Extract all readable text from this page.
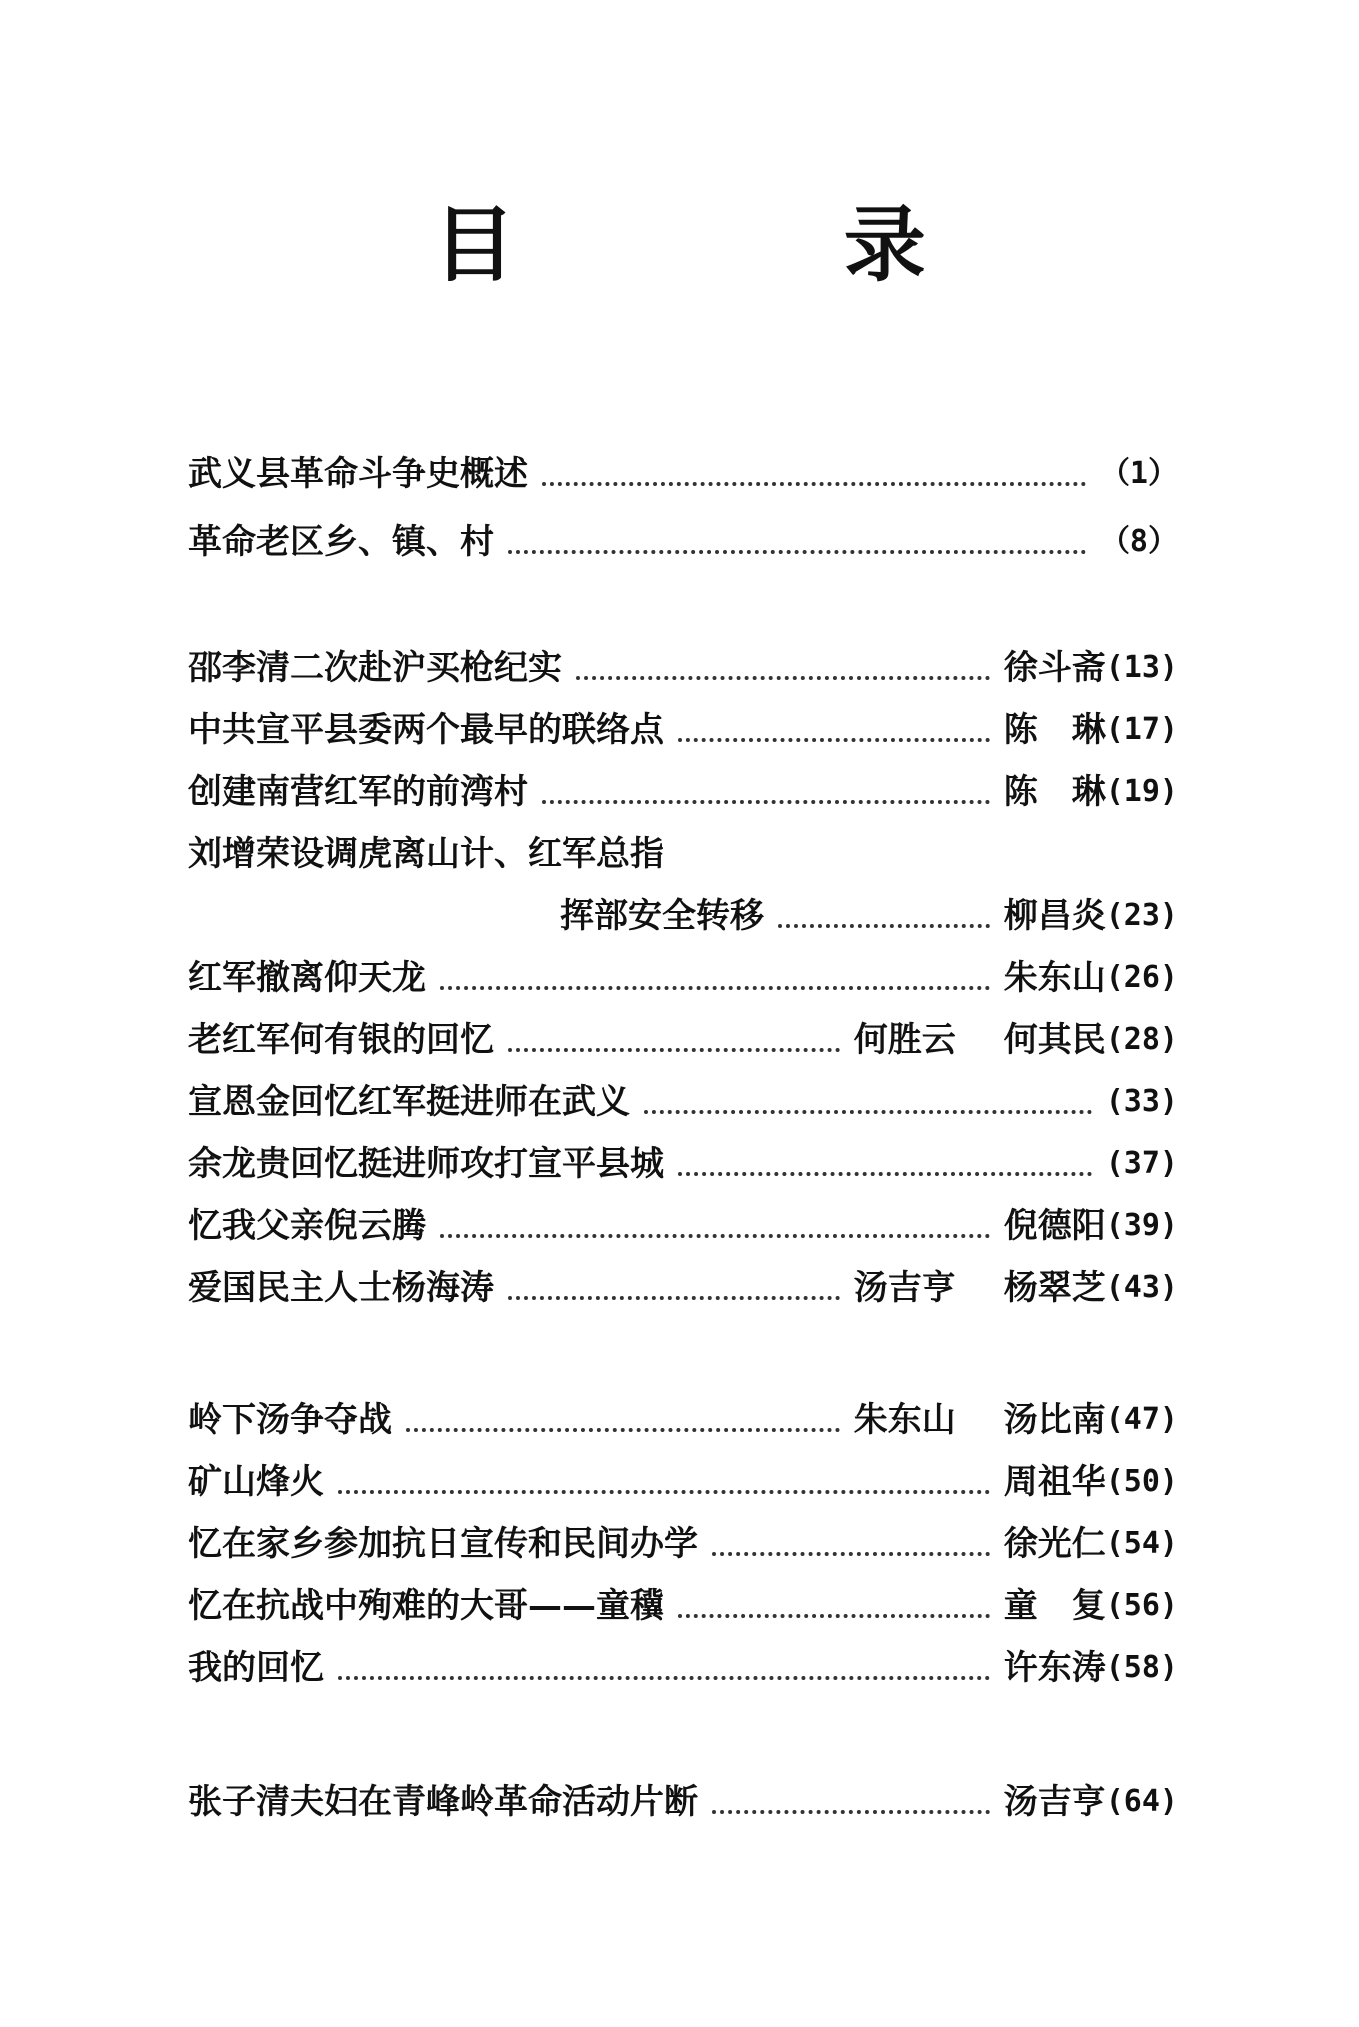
目 录
武义县革命斗争史概述	（1）
革命老区乡、镇、村	（8）
邵李清二次赴沪买枪纪实	徐斗斋 (13)
中共宣平县委两个最早的联络点	陈　琳 (17)
创建南营红军的前湾村	陈　琳 (19)
刘增荣设调虎离山计、红军总指
挥部安全转移	柳昌炎 (23)
红军撤离仰天龙	朱东山 (26)
老红军何有银的回忆	何胜云 何其民 (28)
宣恩金回忆红军挺进师在武义	(33)
余龙贵回忆挺进师攻打宣平县城	(37)
忆我父亲倪云腾	倪德阳 (39)
爱国民主人士杨海涛	汤吉亨 杨翠芝 (43)
岭下汤争夺战	朱东山 汤比南 (47)
矿山烽火	周祖华 (50)
忆在家乡参加抗日宣传和民间办学	徐光仁 (54)
忆在抗战中殉难的大哥——童䆊	童　复 (56)
我的回忆	许东涛 (58)
张子清夫妇在青峰岭革命活动片断	汤吉亨 (64)
